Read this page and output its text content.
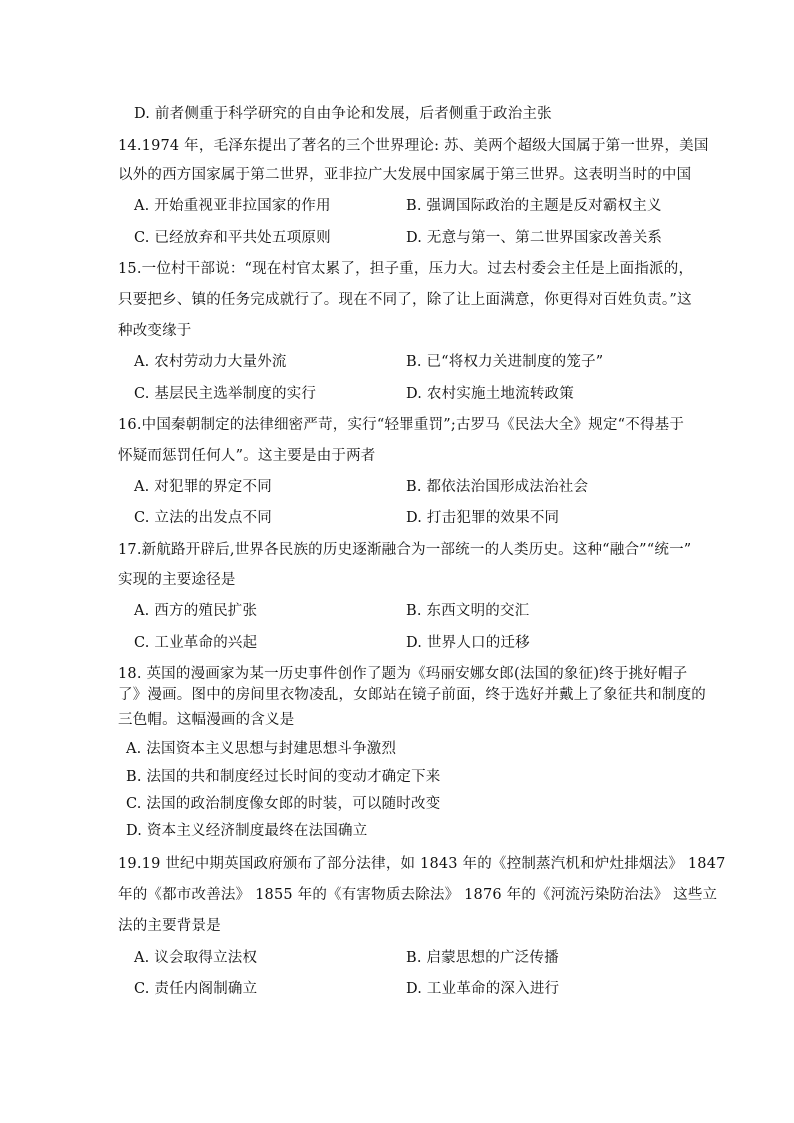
D. 前者侧重于科学研究的自由争论和发展，后者侧重于政治主张
14.1974 年，毛泽东提出了著名的三个世界理论: 苏、美两个超级大国属于第一世界，美国
以外的西方国家属于第二世界，亚非拉广大发展中国家属于第三世界。这表明当时的中国
A. 开始重视亚非拉国家的作用	B. 强调国际政治的主题是反对霸权主义
C. 已经放弃和平共处五项原则	D. 无意与第一、第二世界国家改善关系
15.一位村干部说：“现在村官太累了，担子重，压力大。过去村委会主任是上面指派的，
只要把乡、镇的任务完成就行了。现在不同了，除了让上面满意，你更得对百姓负责。”这
种改变缘于
A. 农村劳动力大量外流	B. 已“将权力关进制度的笼子”
C. 基层民主选举制度的实行	D. 农村实施土地流转政策
16.中国秦朝制定的法律细密严苛，实行“轻罪重罚”;古罗马《民法大全》规定“不得基于
怀疑而惩罚任何人”。这主要是由于两者
A. 对犯罪的界定不同	B. 都依法治国形成法治社会
C. 立法的出发点不同	D. 打击犯罪的效果不同
17.新航路开辟后,世界各民族的历史逐渐融合为一部统一的人类历史。这种“融合”“统一”
实现的主要途径是
A. 西方的殖民扩张	B. 东西文明的交汇
C. 工业革命的兴起	D. 世界人口的迁移
18. 英国的漫画家为某一历史事件创作了题为《玛丽安娜女郎(法国的象征)终于挑好帽子
了》漫画。图中的房间里衣物凌乱，女郎站在镜子前面，终于选好并戴上了象征共和制度的
三色帽。这幅漫画的含义是
A. 法国资本主义思想与封建思想斗争激烈
B. 法国的共和制度经过长时间的变动才确定下来
C. 法国的政治制度像女郎的时装，可以随时改变
D. 资本主义经济制度最终在法国确立
19.19 世纪中期英国政府颁布了部分法律，如 1843 年的《控制蒸汽机和炉灶排烟法》 1847
年的《都市改善法》 1855 年的《有害物质去除法》 1876 年的《河流污染防治法》 这些立
法的主要背景是
A. 议会取得立法权	B. 启蒙思想的广泛传播
C. 责任内阁制确立	D. 工业革命的深入进行
